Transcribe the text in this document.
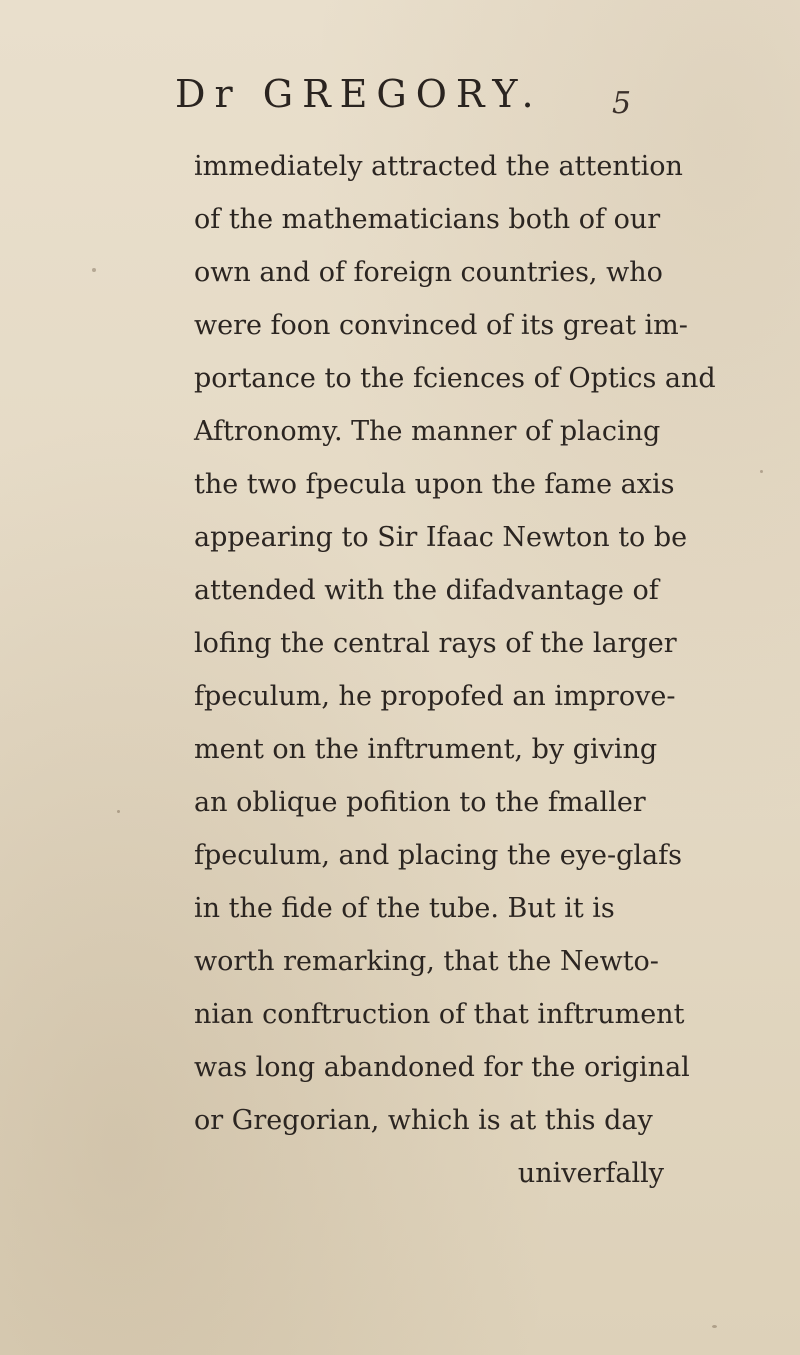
Dr GREGORY. 5
immediately attracted the attention
of the mathematicians both of our
own and of foreign countries, who
were foon convinced of its great im-
portance to the fciences of Optics and
Aftronomy. The manner of placing
the two fpecula upon the fame axis
appearing to Sir Ifaac Newton to be
attended with the difadvantage of
lofing the central rays of the larger
fpeculum, he propofed an improve-
ment on the inftrument, by giving
an oblique pofition to the fmaller
fpeculum, and placing the eye-glafs
in the fide of the tube. But it is
worth remarking, that the Newto-
nian conftruction of that inftrument
was long abandoned for the original
or Gregorian, which is at this day
univerfally
